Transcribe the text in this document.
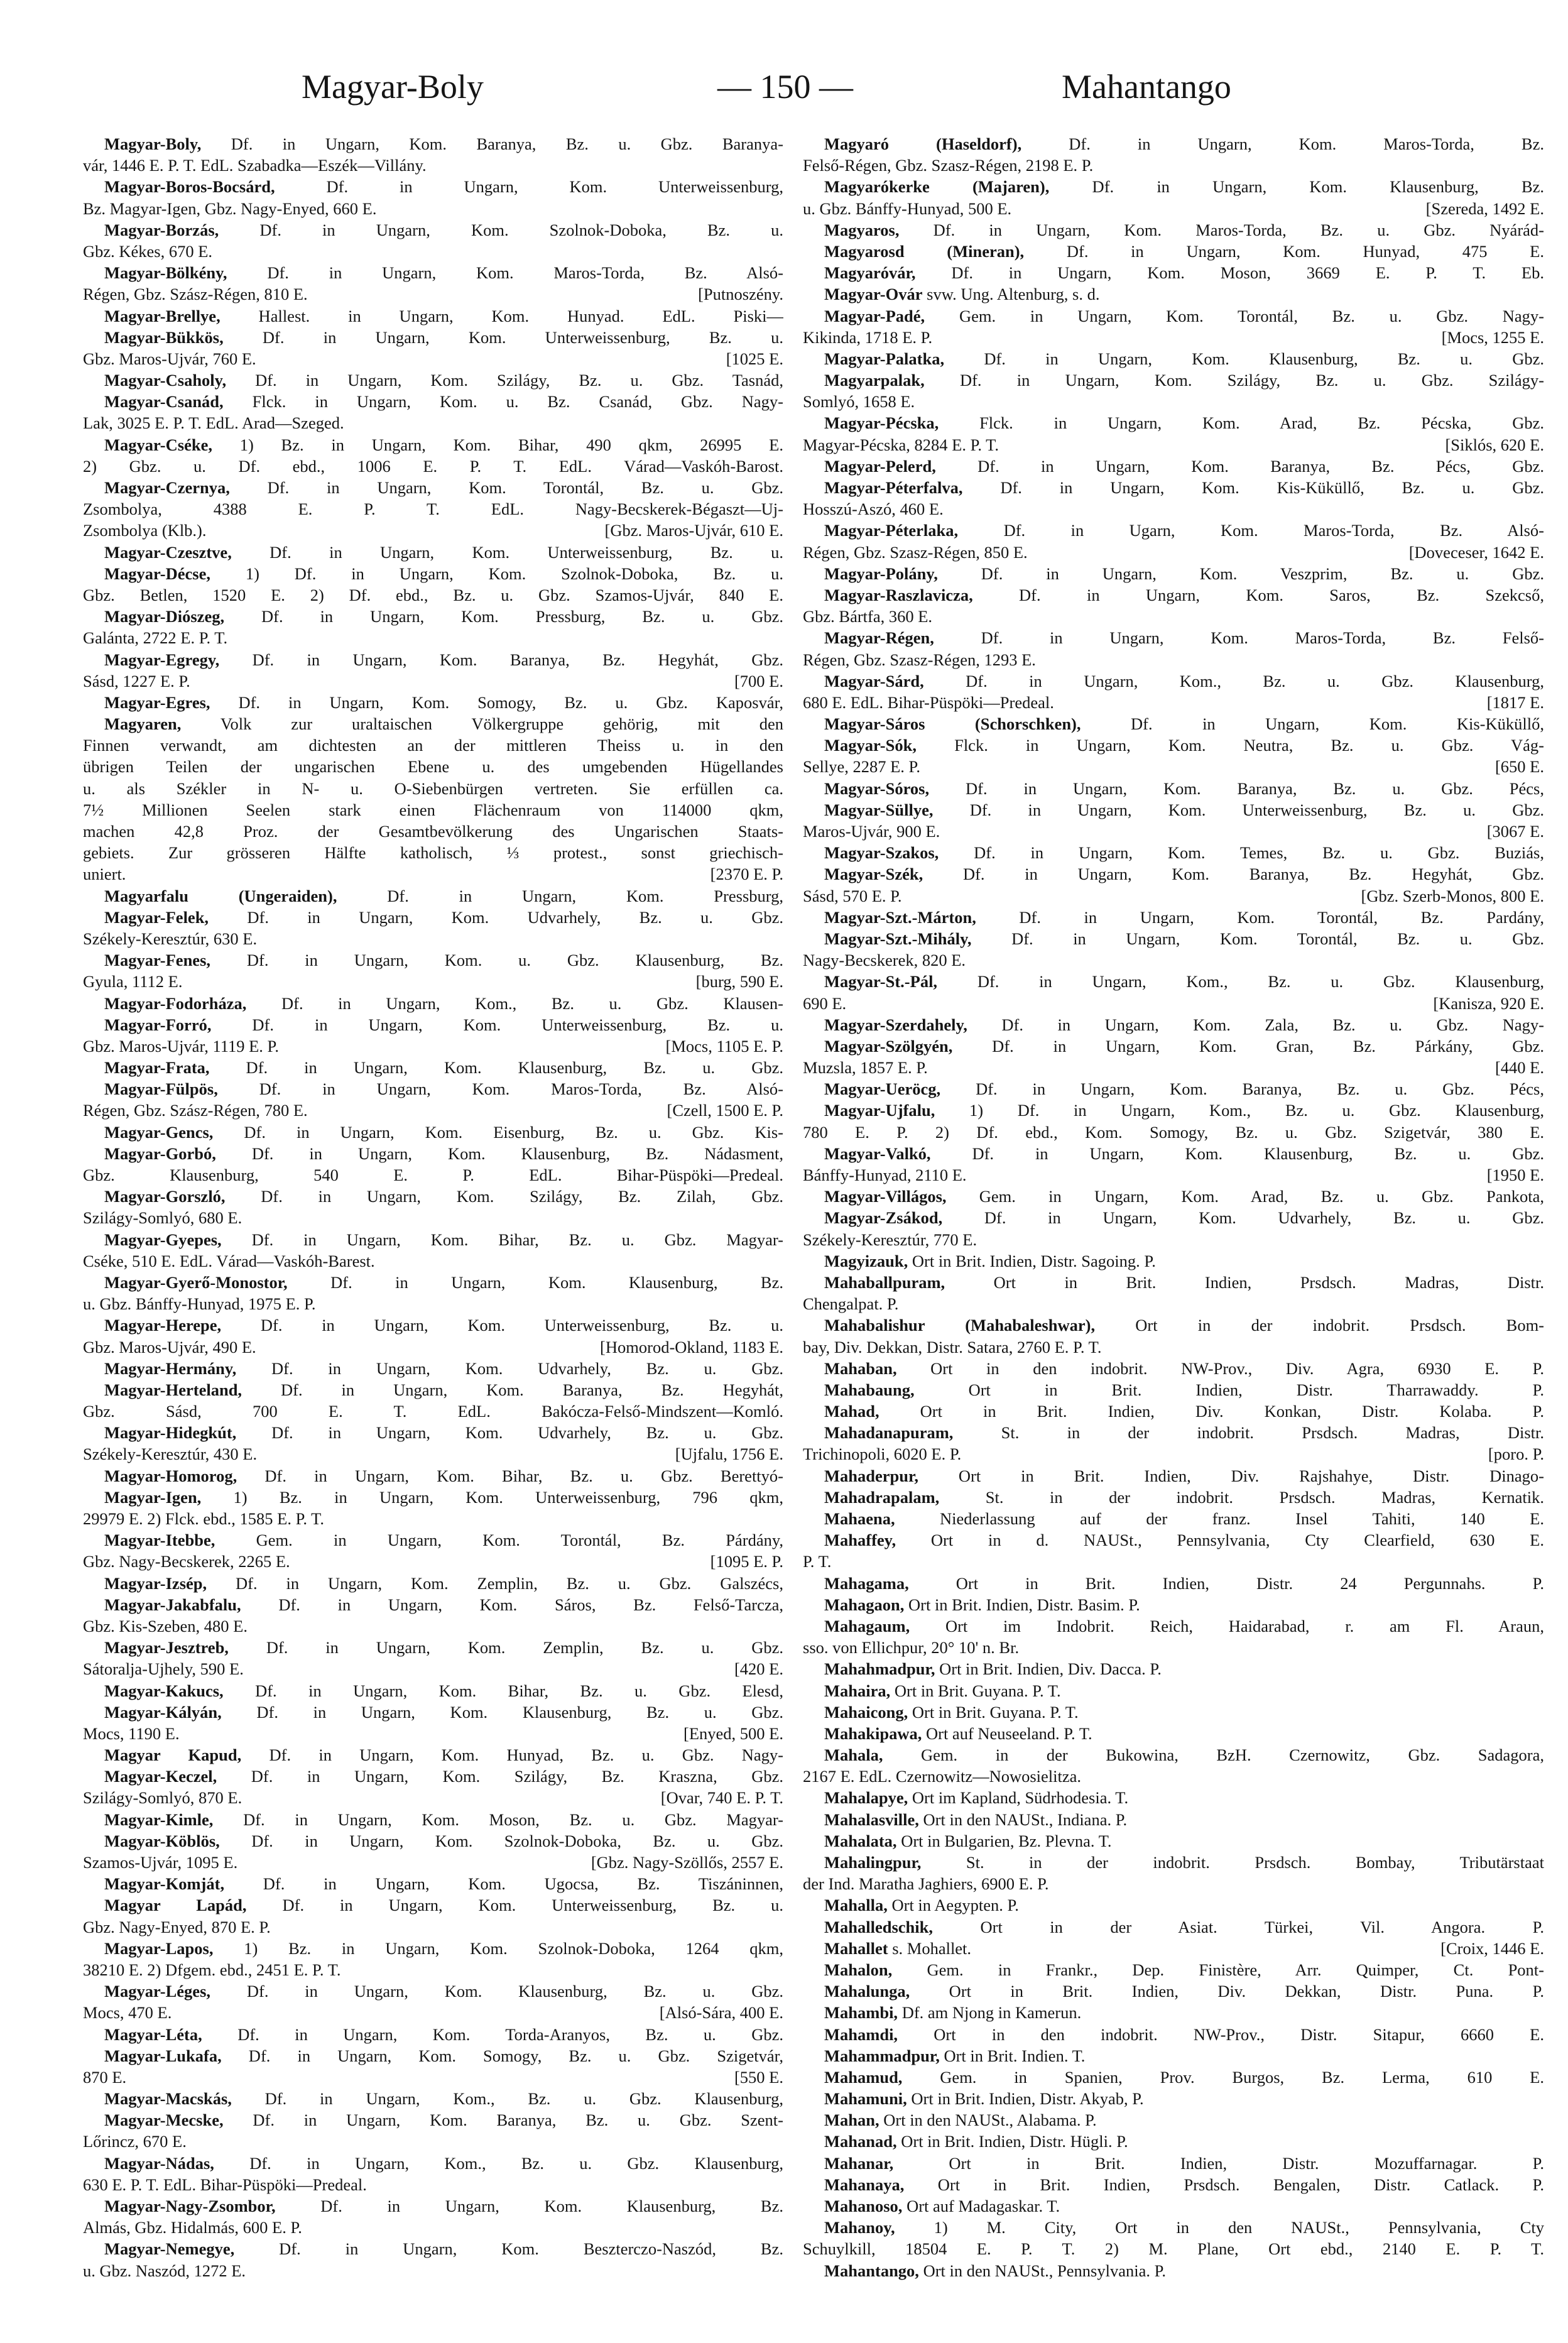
Magyar-Boly	— 150 —	Mahantango
Magyar-Boly, Df. in Ungarn, Kom. Baranya, Bz. u. Gbz. Baranya-
vár, 1446 E. P. T. EdL. Szabadka—Eszék—Villány.
Magyar-Boros-Bocsárd, Df. in Ungarn, Kom. Unterweissenburg,
Bz. Magyar-Igen, Gbz. Nagy-Enyed, 660 E.
Magyar-Borzás, Df. in Ungarn, Kom. Szolnok-Doboka, Bz. u.
Gbz. Kékes, 670 E.
Magyar-Bölkény, Df. in Ungarn, Kom. Maros-Torda, Bz. Alsó-
Régen, Gbz. Szász-Régen, 810 E.	[Putnoszény.
Magyar-Brellye, Hallest. in Ungarn, Kom. Hunyad. EdL. Piski—
Magyar-Bükkös, Df. in Ungarn, Kom. Unterweissenburg, Bz. u.
Gbz. Maros-Ujvár, 760 E.	[1025 E.
Magyar-Csaholy, Df. in Ungarn, Kom. Szilágy, Bz. u. Gbz. Tasnád,
Magyar-Csanád, Flck. in Ungarn, Kom. u. Bz. Csanád, Gbz. Nagy-
Lak, 3025 E. P. T. EdL. Arad—Szeged.
Magyar-Cséke, 1) Bz. in Ungarn, Kom. Bihar, 490 qkm, 26995 E.
2) Gbz. u. Df. ebd., 1006 E. P. T. EdL. Várad—Vaskóh-Barost.
Magyar-Czernya, Df. in Ungarn, Kom. Torontál, Bz. u. Gbz.
Zsombolya, 4388 E. P. T. EdL. Nagy-Becskerek-Bégaszt—Uj-
Zsombolya (Klb.).	[Gbz. Maros-Ujvár, 610 E.
Magyar-Czesztve, Df. in Ungarn, Kom. Unterweissenburg, Bz. u.
Magyar-Décse, 1) Df. in Ungarn, Kom. Szolnok-Doboka, Bz. u.
Gbz. Betlen, 1520 E. 2) Df. ebd., Bz. u. Gbz. Szamos-Ujvár, 840 E.
Magyar-Diószeg, Df. in Ungarn, Kom. Pressburg, Bz. u. Gbz.
Galánta, 2722 E. P. T.
Magyar-Egregy, Df. in Ungarn, Kom. Baranya, Bz. Hegyhát, Gbz.
Sásd, 1227 E. P.	[700 E.
Magyar-Egres, Df. in Ungarn, Kom. Somogy, Bz. u. Gbz. Kaposvár,
Magyaren, Volk zur uraltaischen Völkergruppe gehörig, mit den
Finnen verwandt, am dichtesten an der mittleren Theiss u. in den
übrigen Teilen der ungarischen Ebene u. des umgebenden Hügellandes
u. als Székler in N- u. O-Siebenbürgen vertreten. Sie erfüllen ca.
7½ Millionen Seelen stark einen Flächenraum von 114000 qkm,
machen 42,8 Proz. der Gesamtbevölkerung des Ungarischen Staats-
gebiets. Zur grösseren Hälfte katholisch, ⅓ protest., sonst griechisch-
uniert.	[2370 E. P.
Magyarfalu (Ungeraiden), Df. in Ungarn, Kom. Pressburg,
Magyar-Felek, Df. in Ungarn, Kom. Udvarhely, Bz. u. Gbz.
Székely-Keresztúr, 630 E.
Magyar-Fenes, Df. in Ungarn, Kom. u. Gbz. Klausenburg, Bz.
Gyula, 1112 E.	[burg, 590 E.
Magyar-Fodorháza, Df. in Ungarn, Kom., Bz. u. Gbz. Klausen-
Magyar-Forró, Df. in Ungarn, Kom. Unterweissenburg, Bz. u.
Gbz. Maros-Ujvár, 1119 E. P.	[Mocs, 1105 E. P.
Magyar-Frata, Df. in Ungarn, Kom. Klausenburg, Bz. u. Gbz.
Magyar-Fülpös, Df. in Ungarn, Kom. Maros-Torda, Bz. Alsó-
Régen, Gbz. Szász-Régen, 780 E.	[Czell, 1500 E. P.
Magyar-Gencs, Df. in Ungarn, Kom. Eisenburg, Bz. u. Gbz. Kis-
Magyar-Gorbó, Df. in Ungarn, Kom. Klausenburg, Bz. Nádasment,
Gbz. Klausenburg, 540 E. P. EdL. Bihar-Püspöki—Predeal.
Magyar-Gorszló, Df. in Ungarn, Kom. Szilágy, Bz. Zilah, Gbz.
Szilágy-Somlyó, 680 E.
Magyar-Gyepes, Df. in Ungarn, Kom. Bihar, Bz. u. Gbz. Magyar-
Cséke, 510 E. EdL. Várad—Vaskóh-Barest.
Magyar-Gyerő-Monostor, Df. in Ungarn, Kom. Klausenburg, Bz.
u. Gbz. Bánffy-Hunyad, 1975 E. P.
Magyar-Herepe, Df. in Ungarn, Kom. Unterweissenburg, Bz. u.
Gbz. Maros-Ujvár, 490 E.	[Homorod-Okland, 1183 E.
Magyar-Hermány, Df. in Ungarn, Kom. Udvarhely, Bz. u. Gbz.
Magyar-Herteland, Df. in Ungarn, Kom. Baranya, Bz. Hegyhát,
Gbz. Sásd, 700 E. T. EdL. Bakócza-Felső-Mindszent—Komló.
Magyar-Hidegkút, Df. in Ungarn, Kom. Udvarhely, Bz. u. Gbz.
Székely-Keresztúr, 430 E.	[Ujfalu, 1756 E.
Magyar-Homorog, Df. in Ungarn, Kom. Bihar, Bz. u. Gbz. Berettyó-
Magyar-Igen, 1) Bz. in Ungarn, Kom. Unterweissenburg, 796 qkm,
29979 E. 2) Flck. ebd., 1585 E. P. T.
Magyar-Itebbe, Gem. in Ungarn, Kom. Torontál, Bz. Párdány,
Gbz. Nagy-Becskerek, 2265 E.	[1095 E. P.
Magyar-Izsép, Df. in Ungarn, Kom. Zemplin, Bz. u. Gbz. Galszécs,
Magyar-Jakabfalu, Df. in Ungarn, Kom. Sáros, Bz. Felső-Tarcza,
Gbz. Kis-Szeben, 480 E.
Magyar-Jesztreb, Df. in Ungarn, Kom. Zemplin, Bz. u. Gbz.
Sátoralja-Ujhely, 590 E.	[420 E.
Magyar-Kakucs, Df. in Ungarn, Kom. Bihar, Bz. u. Gbz. Elesd,
Magyar-Kályán, Df. in Ungarn, Kom. Klausenburg, Bz. u. Gbz.
Mocs, 1190 E.	[Enyed, 500 E.
Magyar Kapud, Df. in Ungarn, Kom. Hunyad, Bz. u. Gbz. Nagy-
Magyar-Keczel, Df. in Ungarn, Kom. Szilágy, Bz. Kraszna, Gbz.
Szilágy-Somlyó, 870 E.	[Ovar, 740 E. P. T.
Magyar-Kimle, Df. in Ungarn, Kom. Moson, Bz. u. Gbz. Magyar-
Magyar-Köblös, Df. in Ungarn, Kom. Szolnok-Doboka, Bz. u. Gbz.
Szamos-Ujvár, 1095 E.	[Gbz. Nagy-Szöllős, 2557 E.
Magyar-Komját, Df. in Ungarn, Kom. Ugocsa, Bz. Tiszáninnen,
Magyar Lapád, Df. in Ungarn, Kom. Unterweissenburg, Bz. u.
Gbz. Nagy-Enyed, 870 E. P.
Magyar-Lapos, 1) Bz. in Ungarn, Kom. Szolnok-Doboka, 1264 qkm,
38210 E. 2) Dfgem. ebd., 2451 E. P. T.
Magyar-Léges, Df. in Ungarn, Kom. Klausenburg, Bz. u. Gbz.
Mocs, 470 E.	[Alsó-Sára, 400 E.
Magyar-Léta, Df. in Ungarn, Kom. Torda-Aranyos, Bz. u. Gbz.
Magyar-Lukafa, Df. in Ungarn, Kom. Somogy, Bz. u. Gbz. Szigetvár,
870 E.	[550 E.
Magyar-Macskás, Df. in Ungarn, Kom., Bz. u. Gbz. Klausenburg,
Magyar-Mecske, Df. in Ungarn, Kom. Baranya, Bz. u. Gbz. Szent-
Lőrincz, 670 E.
Magyar-Nádas, Df. in Ungarn, Kom., Bz. u. Gbz. Klausenburg,
630 E. P. T. EdL. Bihar-Püspöki—Predeal.
Magyar-Nagy-Zsombor, Df. in Ungarn, Kom. Klausenburg, Bz.
Almás, Gbz. Hidalmás, 600 E. P.
Magyar-Nemegye, Df. in Ungarn, Kom. Beszterczo-Naszód, Bz.
u. Gbz. Naszód, 1272 E.
Magyaró (Haseldorf), Df. in Ungarn, Kom. Maros-Torda, Bz.
Felső-Régen, Gbz. Szasz-Régen, 2198 E. P.
Magyarókerke (Majaren), Df. in Ungarn, Kom. Klausenburg, Bz.
u. Gbz. Bánffy-Hunyad, 500 E.	[Szereda, 1492 E.
Magyaros, Df. in Ungarn, Kom. Maros-Torda, Bz. u. Gbz. Nyárád-
Magyarosd (Mineran), Df. in Ungarn, Kom. Hunyad, 475 E.
Magyaróvár, Df. in Ungarn, Kom. Moson, 3669 E. P. T. Eb.
Magyar-Ovár svw. Ung. Altenburg, s. d.
Magyar-Padé, Gem. in Ungarn, Kom. Torontál, Bz. u. Gbz. Nagy-
Kikinda, 1718 E. P.	[Mocs, 1255 E.
Magyar-Palatka, Df. in Ungarn, Kom. Klausenburg, Bz. u. Gbz.
Magyarpalak, Df. in Ungarn, Kom. Szilágy, Bz. u. Gbz. Szilágy-
Somlyó, 1658 E.
Magyar-Pécska, Flck. in Ungarn, Kom. Arad, Bz. Pécska, Gbz.
Magyar-Pécska, 8284 E. P. T.	[Siklós, 620 E.
Magyar-Pelerd, Df. in Ungarn, Kom. Baranya, Bz. Pécs, Gbz.
Magyar-Péterfalva, Df. in Ungarn, Kom. Kis-Küküllő, Bz. u. Gbz.
Hosszú-Aszó, 460 E.
Magyar-Péterlaka, Df. in Ugarn, Kom. Maros-Torda, Bz. Alsó-
Régen, Gbz. Szasz-Régen, 850 E.	[Doveceser, 1642 E.
Magyar-Polány, Df. in Ungarn, Kom. Veszprim, Bz. u. Gbz.
Magyar-Raszlavicza, Df. in Ungarn, Kom. Saros, Bz. Szekcső,
Gbz. Bártfa, 360 E.
Magyar-Régen, Df. in Ungarn, Kom. Maros-Torda, Bz. Felső-
Régen, Gbz. Szasz-Régen, 1293 E.
Magyar-Sárd, Df. in Ungarn, Kom., Bz. u. Gbz. Klausenburg,
680 E. EdL. Bihar-Püspöki—Predeal.	[1817 E.
Magyar-Sáros (Schorschken), Df. in Ungarn, Kom. Kis-Küküllő,
Magyar-Sók, Flck. in Ungarn, Kom. Neutra, Bz. u. Gbz. Vág-
Sellye, 2287 E. P.	[650 E.
Magyar-Sóros, Df. in Ungarn, Kom. Baranya, Bz. u. Gbz. Pécs,
Magyar-Süllye, Df. in Ungarn, Kom. Unterweissenburg, Bz. u. Gbz.
Maros-Ujvár, 900 E.	[3067 E.
Magyar-Szakos, Df. in Ungarn, Kom. Temes, Bz. u. Gbz. Buziás,
Magyar-Szék, Df. in Ungarn, Kom. Baranya, Bz. Hegyhát, Gbz.
Sásd, 570 E. P.	[Gbz. Szerb-Monos, 800 E.
Magyar-Szt.-Márton, Df. in Ungarn, Kom. Torontál, Bz. Pardány,
Magyar-Szt.-Mihály, Df. in Ungarn, Kom. Torontál, Bz. u. Gbz.
Nagy-Becskerek, 820 E.
Magyar-St.-Pál, Df. in Ungarn, Kom., Bz. u. Gbz. Klausenburg,
690 E.	[Kanisza, 920 E.
Magyar-Szerdahely, Df. in Ungarn, Kom. Zala, Bz. u. Gbz. Nagy-
Magyar-Szölgyén, Df. in Ungarn, Kom. Gran, Bz. Párkány, Gbz.
Muzsla, 1857 E. P.	[440 E.
Magyar-Ueröcg, Df. in Ungarn, Kom. Baranya, Bz. u. Gbz. Pécs,
Magyar-Ujfalu, 1) Df. in Ungarn, Kom., Bz. u. Gbz. Klausenburg,
780 E. P. 2) Df. ebd., Kom. Somogy, Bz. u. Gbz. Szigetvár, 380 E.
Magyar-Valkó, Df. in Ungarn, Kom. Klausenburg, Bz. u. Gbz.
Bánffy-Hunyad, 2110 E.	[1950 E.
Magyar-Villágos, Gem. in Ungarn, Kom. Arad, Bz. u. Gbz. Pankota,
Magyar-Zsákod, Df. in Ungarn, Kom. Udvarhely, Bz. u. Gbz.
Székely-Keresztúr, 770 E.
Magyizauk, Ort in Brit. Indien, Distr. Sagoing. P.
Mahaballpuram, Ort in Brit. Indien, Prsdsch. Madras, Distr.
Chengalpat. P.
Mahabalishur (Mahabaleshwar), Ort in der indobrit. Prsdsch. Bom-
bay, Div. Dekkan, Distr. Satara, 2760 E. P. T.
Mahaban, Ort in den indobrit. NW-Prov., Div. Agra, 6930 E. P.
Mahabaung, Ort in Brit. Indien, Distr. Tharrawaddy. P.
Mahad, Ort in Brit. Indien, Div. Konkan, Distr. Kolaba. P.
Mahadanapuram, St. in der indobrit. Prsdsch. Madras, Distr.
Trichinopoli, 6020 E. P.	[poro. P.
Mahaderpur, Ort in Brit. Indien, Div. Rajshahye, Distr. Dinago-
Mahadrapalam, St. in der indobrit. Prsdsch. Madras, Kernatik.
Mahaena, Niederlassung auf der franz. Insel Tahiti, 140 E.
Mahaffey, Ort in d. NAUSt., Pennsylvania, Cty Clearfield, 630 E.
P. T.
Mahagama, Ort in Brit. Indien, Distr. 24 Pergunnahs. P.
Mahagaon, Ort in Brit. Indien, Distr. Basim. P.
Mahagaum, Ort im Indobrit. Reich, Haidarabad, r. am Fl. Araun,
sso. von Ellichpur, 20° 10' n. Br.
Mahahmadpur, Ort in Brit. Indien, Div. Dacca. P.
Mahaira, Ort in Brit. Guyana. P. T.
Mahaicong, Ort in Brit. Guyana. P. T.
Mahakipawa, Ort auf Neuseeland. P. T.
Mahala, Gem. in der Bukowina, BzH. Czernowitz, Gbz. Sadagora,
2167 E. EdL. Czernowitz—Nowosielitza.
Mahalapye, Ort im Kapland, Südrhodesia. T.
Mahalasville, Ort in den NAUSt., Indiana. P.
Mahalata, Ort in Bulgarien, Bz. Plevna. T.
Mahalingpur, St. in der indobrit. Prsdsch. Bombay, Tributärstaat
der Ind. Maratha Jaghiers, 6900 E. P.
Mahalla, Ort in Aegypten. P.
Mahalledschik, Ort in der Asiat. Türkei, Vil. Angora. P.
Mahallet s. Mohallet.	[Croix, 1446 E.
Mahalon, Gem. in Frankr., Dep. Finistère, Arr. Quimper, Ct. Pont-
Mahalunga, Ort in Brit. Indien, Div. Dekkan, Distr. Puna. P.
Mahambi, Df. am Njong in Kamerun.
Mahamdi, Ort in den indobrit. NW-Prov., Distr. Sitapur, 6660 E.
Mahammadpur, Ort in Brit. Indien. T.
Mahamud, Gem. in Spanien, Prov. Burgos, Bz. Lerma, 610 E.
Mahamuni, Ort in Brit. Indien, Distr. Akyab, P.
Mahan, Ort in den NAUSt., Alabama. P.
Mahanad, Ort in Brit. Indien, Distr. Hügli. P.
Mahanar, Ort in Brit. Indien, Distr. Mozuffarnagar. P.
Mahanaya, Ort in Brit. Indien, Prsdsch. Bengalen, Distr. Catlack. P.
Mahanoso, Ort auf Madagaskar. T.
Mahanoy, 1) M. City, Ort in den NAUSt., Pennsylvania, Cty
Schuylkill, 18504 E. P. T. 2) M. Plane, Ort ebd., 2140 E. P. T.
Mahantango, Ort in den NAUSt., Pennsylvania. P.
